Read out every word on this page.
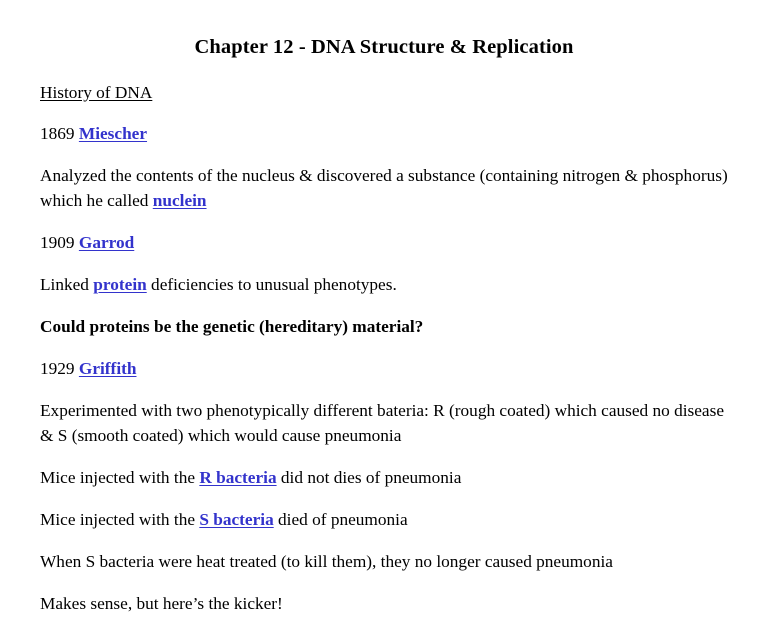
Chapter 12 - DNA Structure & Replication
History of DNA

1869 Miescher

Analyzed the contents of the nucleus & discovered a substance (containing nitrogen & phosphorus) which he called nuclein

1909 Garrod

Linked protein deficiencies to unusual phenotypes.

Could proteins be the genetic (hereditary) material?

1929 Griffith

Experimented with two phenotypically different bateria: R (rough coated) which caused no disease & S (smooth coated) which would cause pneumonia

Mice injected with the R bacteria did not dies of pneumonia

Mice injected with the S bacteria died of pneumonia

When S bacteria were heat treated (to kill them), they no longer caused pneumonia

Makes sense, but here’s the kicker!
